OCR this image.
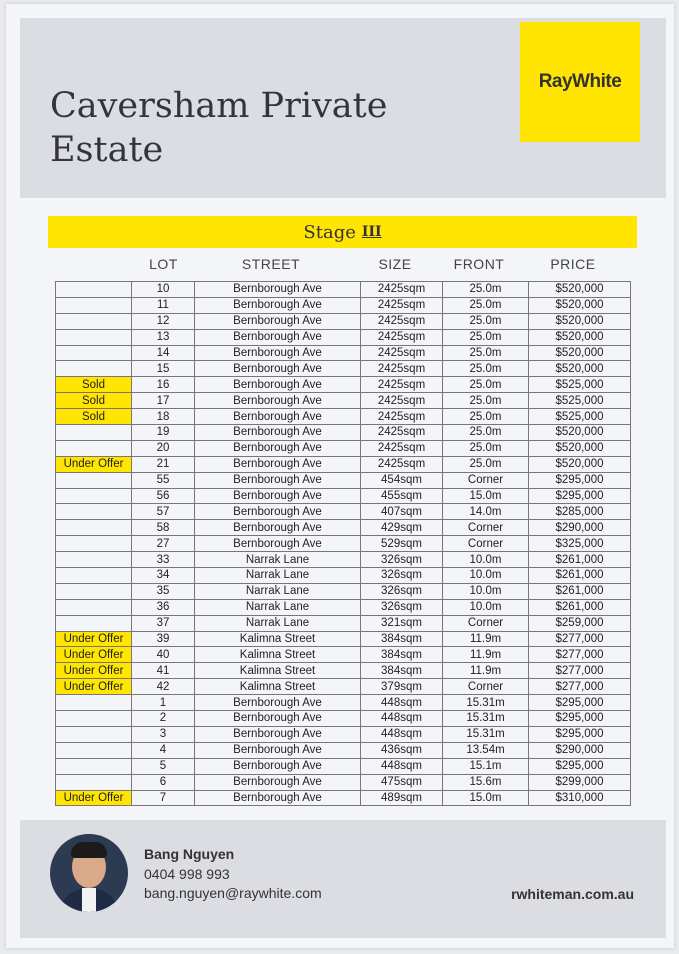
Caversham Private Estate
RayWhite
Stage III
LOT	STREET	SIZE	FRONT	PRICE
	10	Bernborough Ave	2425sqm	25.0m	$520,000
	11	Bernborough Ave	2425sqm	25.0m	$520,000
	12	Bernborough Ave	2425sqm	25.0m	$520,000
	13	Bernborough Ave	2425sqm	25.0m	$520,000
	14	Bernborough Ave	2425sqm	25.0m	$520,000
	15	Bernborough Ave	2425sqm	25.0m	$520,000
Sold	16	Bernborough Ave	2425sqm	25.0m	$525,000
Sold	17	Bernborough Ave	2425sqm	25.0m	$525,000
Sold	18	Bernborough Ave	2425sqm	25.0m	$525,000
	19	Bernborough Ave	2425sqm	25.0m	$520,000
	20	Bernborough Ave	2425sqm	25.0m	$520,000
Under Offer	21	Bernborough Ave	2425sqm	25.0m	$520,000
	55	Bernborough Ave	454sqm	Corner	$295,000
	56	Bernborough Ave	455sqm	15.0m	$295,000
	57	Bernborough Ave	407sqm	14.0m	$285,000
	58	Bernborough Ave	429sqm	Corner	$290,000
	27	Bernborough Ave	529sqm	Corner	$325,000
	33	Narrak Lane	326sqm	10.0m	$261,000
	34	Narrak Lane	326sqm	10.0m	$261,000
	35	Narrak Lane	326sqm	10.0m	$261,000
	36	Narrak Lane	326sqm	10.0m	$261,000
	37	Narrak Lane	321sqm	Corner	$259,000
Under Offer	39	Kalimna Street	384sqm	11.9m	$277,000
Under Offer	40	Kalimna Street	384sqm	11.9m	$277,000
Under Offer	41	Kalimna Street	384sqm	11.9m	$277,000
Under Offer	42	Kalimna Street	379sqm	Corner	$277,000
	1	Bernborough Ave	448sqm	15.31m	$295,000
	2	Bernborough Ave	448sqm	15.31m	$295,000
	3	Bernborough Ave	448sqm	15.31m	$295,000
	4	Bernborough Ave	436sqm	13.54m	$290,000
	5	Bernborough Ave	448sqm	15.1m	$295,000
	6	Bernborough Ave	475sqm	15.6m	$299,000
Under Offer	7	Bernborough Ave	489sqm	15.0m	$310,000
Bang Nguyen
0404 998 993
bang.nguyen@raywhite.com	rwhiteman.com.au
